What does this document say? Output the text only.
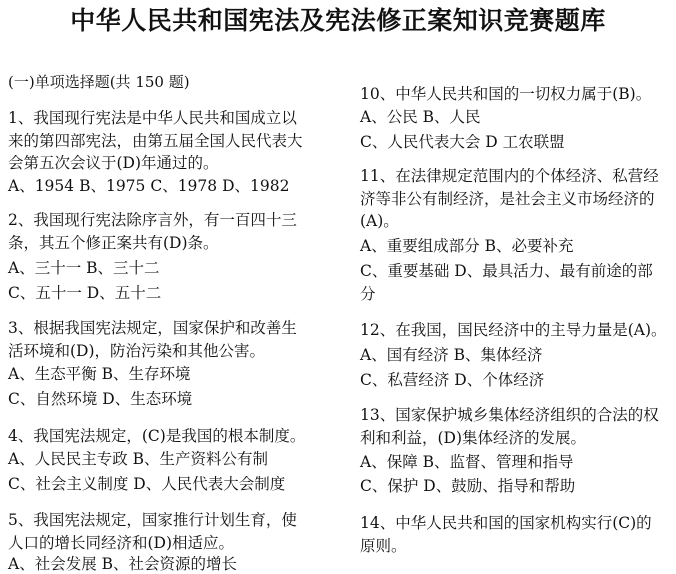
中华人民共和国宪法及宪法修正案知识竞赛题库
(一)单项选择题(共 150 题)
1、我国现行宪法是中华人民共和国成立以
来的第四部宪法，由第五届全国人民代表大
会第五次会议于(D)年通过的。
A、1954 B、1975 C、1978 D、1982
2、我国现行宪法除序言外，有一百四十三
条，其五个修正案共有(D)条。
A、三十一 B、三十二
C、五十一 D、五十二
3、根据我国宪法规定，国家保护和改善生
活环境和(D)，防治污染和其他公害。
A、生态平衡 B、生存环境
C、自然环境 D、生态环境
4、我国宪法规定，(C)是我国的根本制度。
A、人民民主专政 B、生产资料公有制
C、社会主义制度 D、人民代表大会制度
5、我国宪法规定，国家推行计划生育，使
人口的增长同经济和(D)相适应。
A、社会发展 B、社会资源的增长
10、中华人民共和国的一切权力属于(B)。
A、公民 B、人民
C、人民代表大会 D 工农联盟
11、在法律规定范围内的个体经济、私营经
济等非公有制经济，是社会主义市场经济的
(A)。
A、重要组成部分 B、必要补充
C、重要基础 D、最具活力、最有前途的部
分
12、在我国，国民经济中的主导力量是(A)。
A、国有经济 B、集体经济
C、私营经济 D、个体经济
13、国家保护城乡集体经济组织的合法的权
利和利益，(D)集体经济的发展。
A、保障 B、监督、管理和指导
C、保护 D、鼓励、指导和帮助
14、中华人民共和国的国家机构实行(C)的
原则。
